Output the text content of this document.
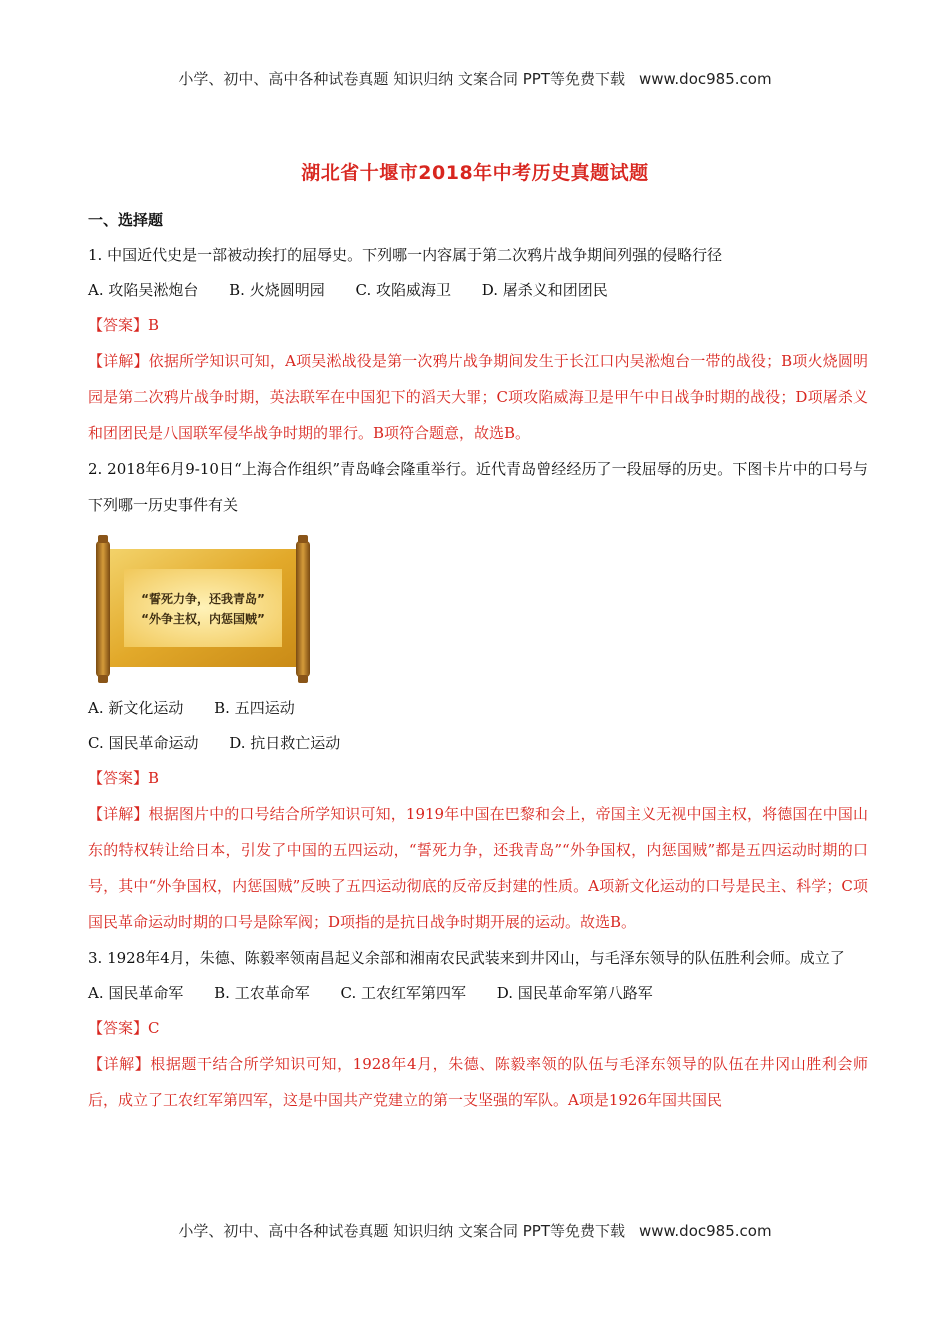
小学、初中、高中各种试卷真题 知识归纳 文案合同 PPT等免费下载 www.doc985.com
湖北省十堰市2018年中考历史真题试题
一、选择题
1. 中国近代史是一部被动挨打的屈辱史。下列哪一内容属于第二次鸦片战争期间列强的侵略行径
A. 攻陷吴淞炮台 B. 火烧圆明园 C. 攻陷威海卫 D. 屠杀义和团团民
【答案】B
【详解】依据所学知识可知，A项吴淞战役是第一次鸦片战争期间发生于长江口内吴淞炮台一带的战役；B项火烧圆明园是第二次鸦片战争时期，英法联军在中国犯下的滔天大罪；C项攻陷威海卫是甲午中日战争时期的战役；D项屠杀义和团团民是八国联军侵华战争时期的罪行。B项符合题意，故选B。
2. 2018年6月9-10日“上海合作组织”青岛峰会隆重举行。近代青岛曾经经历了一段屈辱的历史。下图卡片中的口号与下列哪一历史事件有关
“誓死力争，还我青岛”
“外争主权，内惩国贼”
A. 新文化运动 B. 五四运动
C. 国民革命运动 D. 抗日救亡运动
【答案】B
【详解】根据图片中的口号结合所学知识可知，1919年中国在巴黎和会上，帝国主义无视中国主权，将德国在中国山东的特权转让给日本，引发了中国的五四运动，“誓死力争，还我青岛”“外争国权，内惩国贼”都是五四运动时期的口号，其中“外争国权，内惩国贼”反映了五四运动彻底的反帝反封建的性质。A项新文化运动的口号是民主、科学；C项国民革命运动时期的口号是除军阀；D项指的是抗日战争时期开展的运动。故选B。
3. 1928年4月，朱德、陈毅率领南昌起义余部和湘南农民武装来到井冈山，与毛泽东领导的队伍胜利会师。成立了
A. 国民革命军 B. 工农革命军 C. 工农红军第四军 D. 国民革命军第八路军
【答案】C
【详解】根据题干结合所学知识可知，1928年4月，朱德、陈毅率领的队伍与毛泽东领导的队伍在井冈山胜利会师后，成立了工农红军第四军，这是中国共产党建立的第一支坚强的军队。A项是1926年国共国民
小学、初中、高中各种试卷真题 知识归纳 文案合同 PPT等免费下载 www.doc985.com
